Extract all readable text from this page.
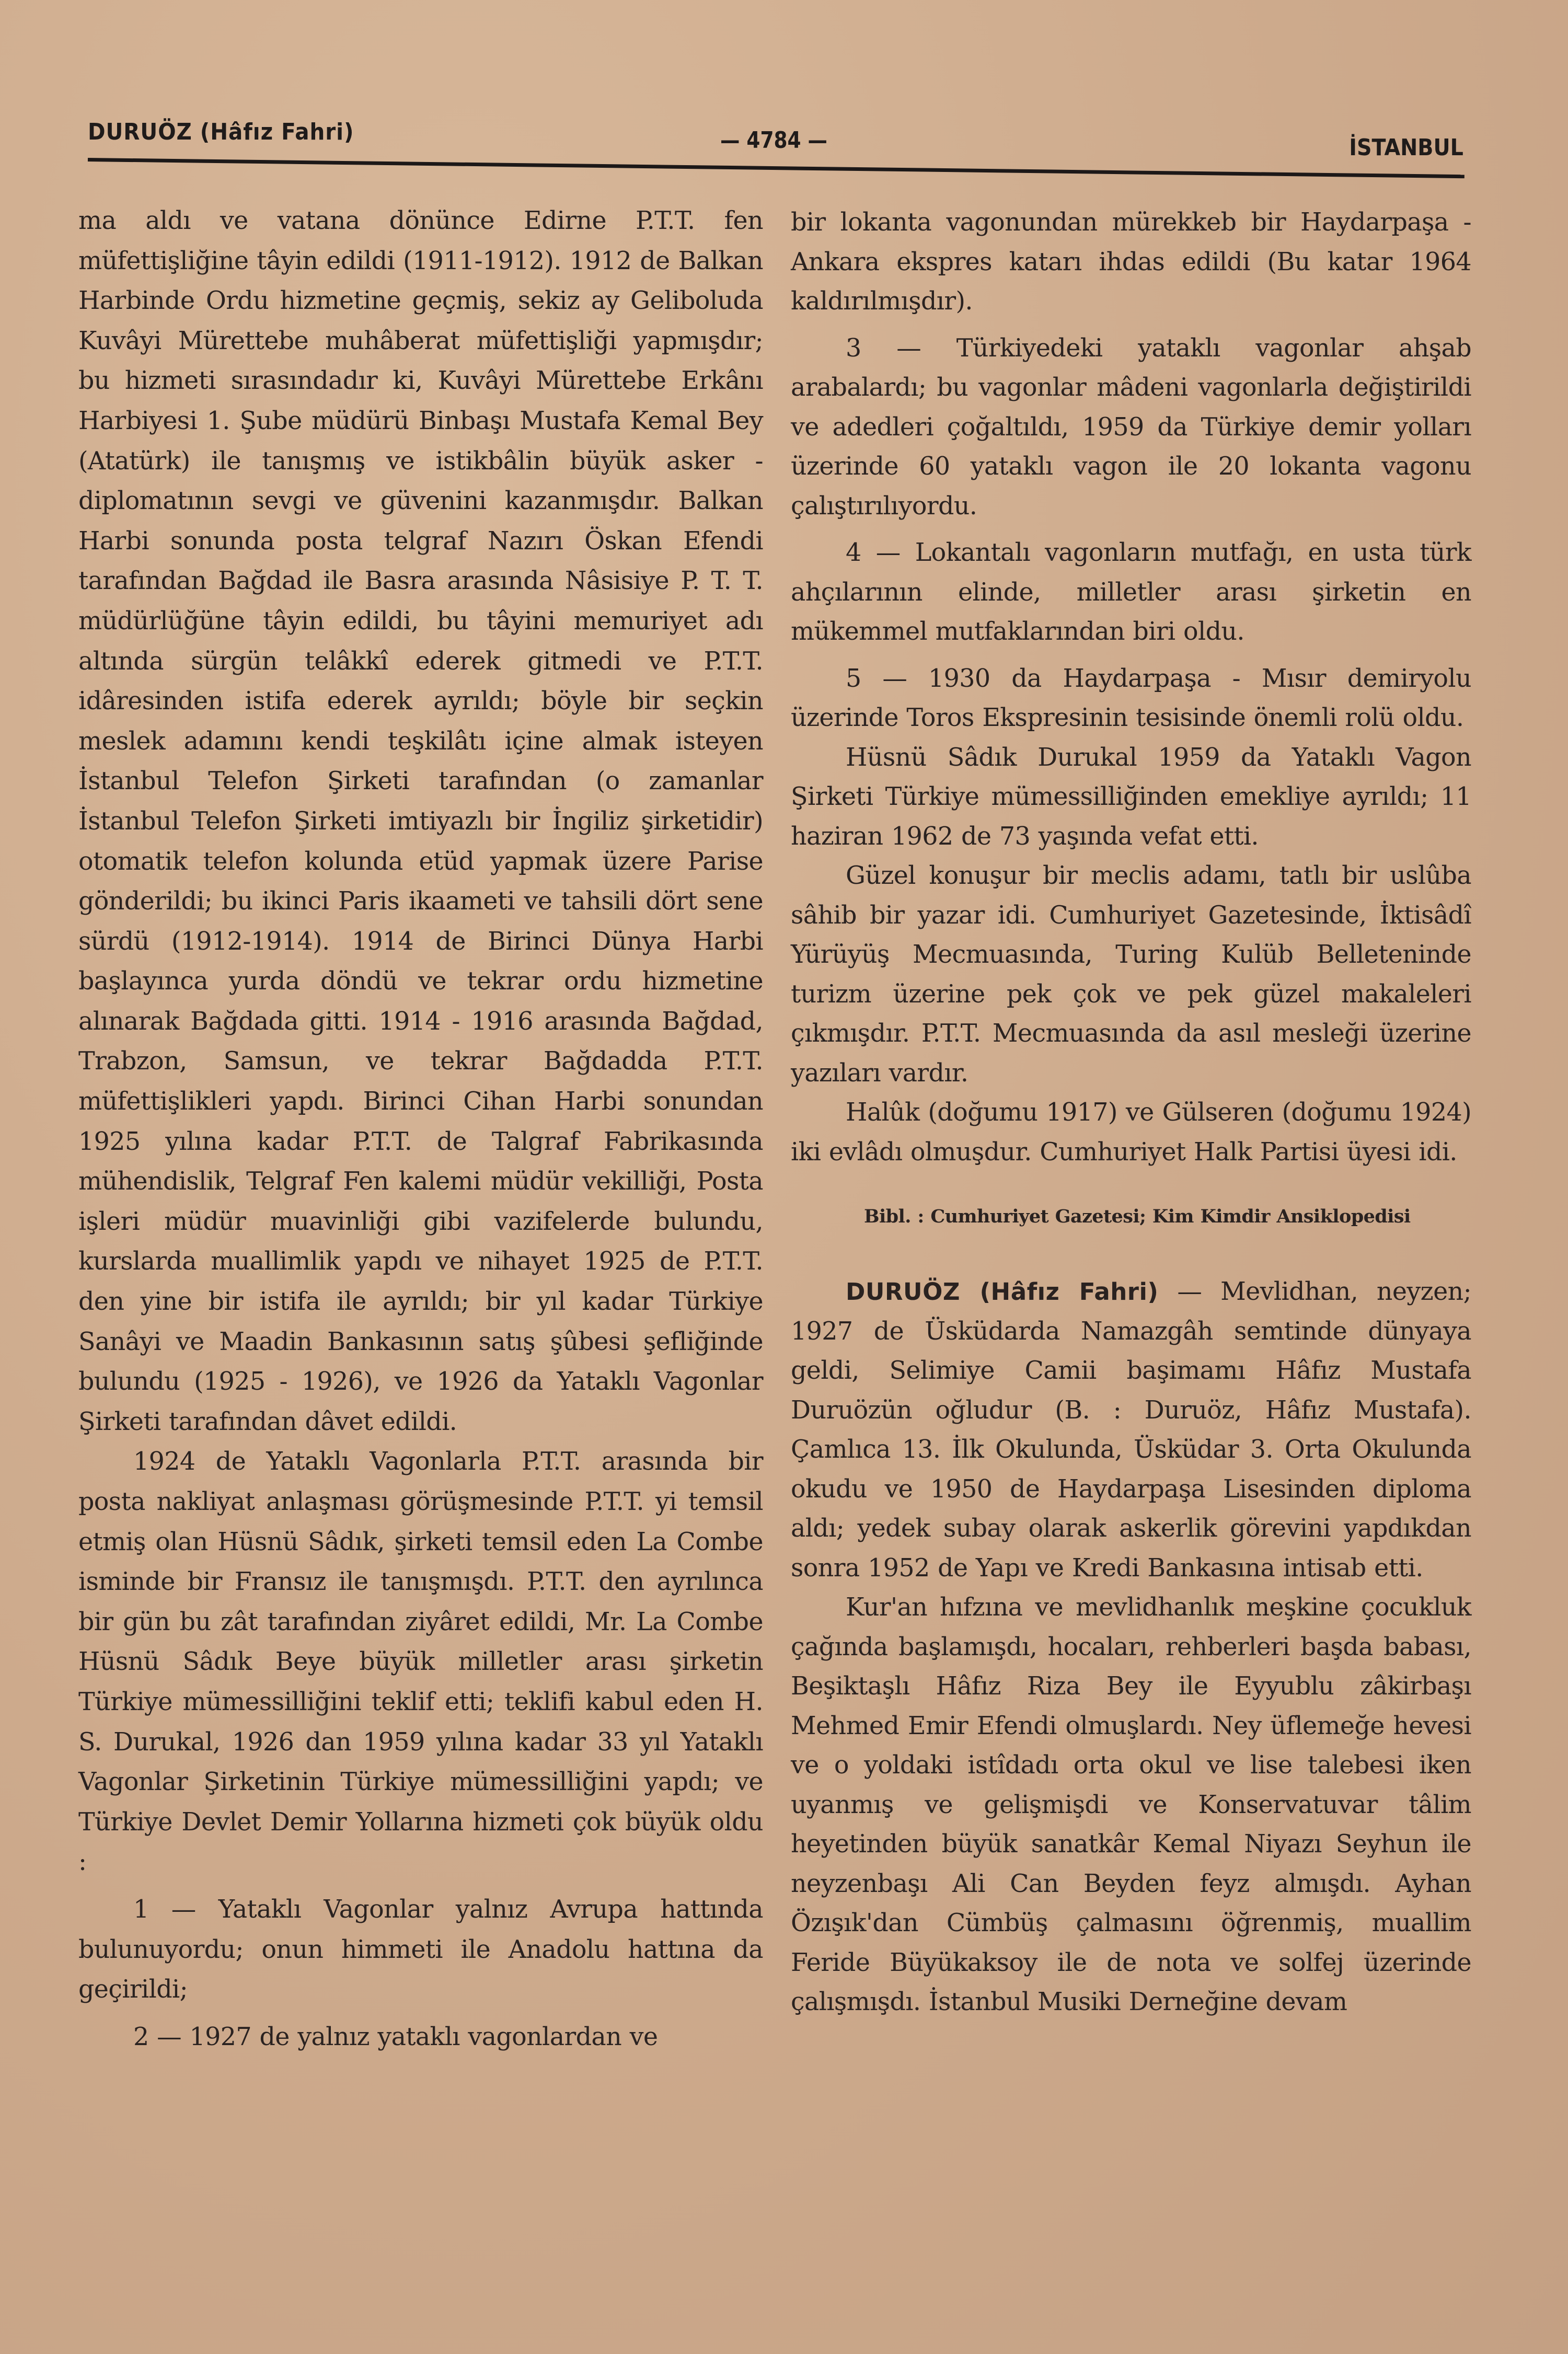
DURUÖZ (Hâfız Fahri)	— 4784 —	İSTANBUL

ma aldı ve vatana dönünce Edirne P.T.T. fen müfettişliğine tâyin edildi (1911-1912). 1912 de Balkan Harbinde Ordu hizmetine geçmiş, sekiz ay Geliboluda Kuvâyi Mürettebe muhâberat müfettişliği yapmışdır; bu hizmeti sırasındadır ki, Kuvâyi Mürettebe Erkânı Harbiyesi 1. Şube müdürü Binbaşı Mustafa Kemal Bey (Atatürk) ile tanışmış ve istikbâlin büyük asker - diplomatının sevgi ve güvenini kazanmışdır. Balkan Harbi sonunda posta telgraf Nazırı Öskan Efendi tarafından Bağdad ile Basra arasında Nâsisiye P. T. T. müdürlüğüne tâyin edildi, bu tâyini memuriyet adı altında sürgün telâkkî ederek gitmedi ve P.T.T. idâresinden istifa ederek ayrıldı; böyle bir seçkin meslek adamını kendi teşkilâtı içine almak isteyen İstanbul Telefon Şirketi tarafından (o zamanlar İstanbul Telefon Şirketi imtiyazlı bir İngiliz şirketidir) otomatik telefon kolunda etüd yapmak üzere Parise gönderildi; bu ikinci Paris ikaameti ve tahsili dört sene sürdü (1912-1914). 1914 de Birinci Dünya Harbi başlayınca yurda döndü ve tekrar ordu hizmetine alınarak Bağdada gitti. 1914 - 1916 arasında Bağdad, Trabzon, Samsun, ve tekrar Bağdadda P.T.T. müfettişlikleri yapdı. Birinci Cihan Harbi sonundan 1925 yılına kadar P.T.T. de Talgraf Fabrikasında mühendislik, Telgraf Fen kalemi müdür vekilliği, Posta işleri müdür muavinliği gibi vazifelerde bulundu, kurslarda muallimlik yapdı ve nihayet 1925 de P.T.T. den yine bir istifa ile ayrıldı; bir yıl kadar Türkiye Sanâyi ve Maadin Bankasının satış şûbesi şefliğinde bulundu (1925 - 1926), ve 1926 da Yataklı Vagonlar Şirketi tarafından dâvet edildi.

1924 de Yataklı Vagonlarla P.T.T. arasında bir posta nakliyat anlaşması görüşmesinde P.T.T. yi temsil etmiş olan Hüsnü Sâdık, şirketi temsil eden La Combe isminde bir Fransız ile tanışmışdı. P.T.T. den ayrılınca bir gün bu zât tarafından ziyâret edildi, Mr. La Combe Hüsnü Sâdık Beye büyük milletler arası şirketin Türkiye mümessilliğini teklif etti; teklifi kabul eden H. S. Durukal, 1926 dan 1959 yılına kadar 33 yıl Yataklı Vagonlar Şirketinin Türkiye mümessilliğini yapdı; ve Türkiye Devlet Demir Yollarına hizmeti çok büyük oldu :

1 — Yataklı Vagonlar yalnız Avrupa hattında bulunuyordu; onun himmeti ile Anadolu hattına da geçirildi;

2 — 1927 de yalnız yataklı vagonlardan ve

bir lokanta vagonundan mürekkeb bir Haydarpaşa - Ankara ekspres katarı ihdas edildi (Bu katar 1964 kaldırılmışdır).

3 — Türkiyedeki yataklı vagonlar ahşab arabalardı; bu vagonlar mâdeni vagonlarla değiştirildi ve adedleri çoğaltıldı, 1959 da Türkiye demir yolları üzerinde 60 yataklı vagon ile 20 lokanta vagonu çalıştırılıyordu.

4 — Lokantalı vagonların mutfağı, en usta türk ahçılarının elinde, milletler arası şirketin en mükemmel mutfaklarından biri oldu.

5 — 1930 da Haydarpaşa - Mısır demiryolu üzerinde Toros Ekspresinin tesisinde önemli rolü oldu.

Hüsnü Sâdık Durukal 1959 da Yataklı Vagon Şirketi Türkiye mümessilliğinden emekliye ayrıldı; 11 haziran 1962 de 73 yaşında vefat etti.

Güzel konuşur bir meclis adamı, tatlı bir uslûba sâhib bir yazar idi. Cumhuriyet Gazetesinde, İktisâdî Yürüyüş Mecmuasında, Turing Kulüb Belleteninde turizm üzerine pek çok ve pek güzel makaleleri çıkmışdır. P.T.T. Mecmuasında da asıl mesleği üzerine yazıları vardır.

Halûk (doğumu 1917) ve Gülseren (doğumu 1924) iki evlâdı olmuşdur. Cumhuriyet Halk Partisi üyesi idi.

Bibl. : Cumhuriyet Gazetesi; Kim Kimdir Ansiklopedisi

DURUÖZ (Hâfız Fahri) — Mevlidhan, neyzen; 1927 de Üsküdarda Namazgâh semtinde dünyaya geldi, Selimiye Camii başimamı Hâfız Mustafa Duruözün oğludur (B. : Duruöz, Hâfız Mustafa). Çamlıca 13. İlk Okulunda, Üsküdar 3. Orta Okulunda okudu ve 1950 de Haydarpaşa Lisesinden diploma aldı; yedek subay olarak askerlik görevini yapdıkdan sonra 1952 de Yapı ve Kredi Bankasına intisab etti.

Kur'an hıfzına ve mevlidhanlık meşkine çocukluk çağında başlamışdı, hocaları, rehberleri başda babası, Beşiktaşlı Hâfız Riza Bey ile Eyyublu zâkirbaşı Mehmed Emir Efendi olmuşlardı. Ney üflemeğe hevesi ve o yoldaki istîdadı orta okul ve lise talebesi iken uyanmış ve gelişmişdi ve Konservatuvar tâlim heyetinden büyük sanatkâr Kemal Niyazı Seyhun ile neyzenbaşı Ali Can Beyden feyz almışdı. Ayhan Özışık'dan Cümbüş çalmasını öğrenmiş, muallim Feride Büyükaksoy ile de nota ve solfej üzerinde çalışmışdı. İstanbul Musiki Derneğine devam
